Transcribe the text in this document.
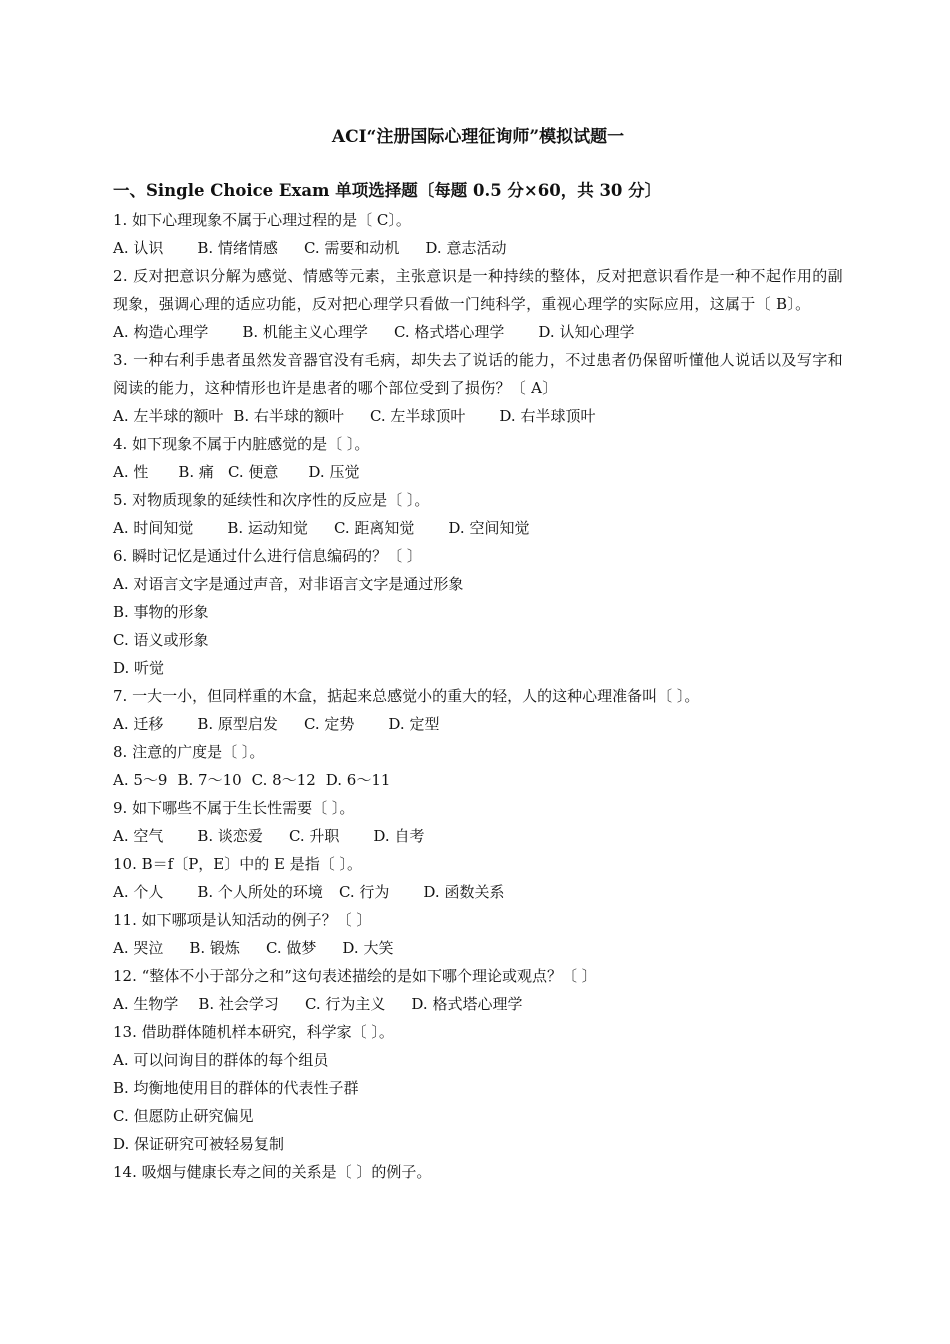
ACI“注册国际心理征询师”模拟试题一
一、Single Choice Exam 单项选择题〔每题 0.5 分×60，共 30 分〕
1. 如下心理现象不属于心理过程的是〔 C〕。
A. 认识 B. 情绪情感 C. 需要和动机 D. 意志活动
2. 反对把意识分解为感觉、情感等元素，主张意识是一种持续的整体，反对把意识看作是一种不起作用的副现象，强调心理的适应功能，反对把心理学只看做一门纯科学，重视心理学的实际应用，这属于〔 B〕。
A. 构造心理学 B. 机能主义心理学 C. 格式塔心理学 D. 认知心理学
3. 一种右利手患者虽然发音器官没有毛病，却失去了说话的能力，不过患者仍保留听懂他人说话以及写字和阅读的能力，这种情形也许是患者的哪个部位受到了损伤？〔 A〕
A. 左半球的额叶 B. 右半球的额叶 C. 左半球顶叶 D. 右半球顶叶
4. 如下现象不属于内脏感觉的是〔 〕。
A. 性 B. 痛 C. 便意 D. 压觉
5. 对物质现象的延续性和次序性的反应是〔 〕。
A. 时间知觉 B. 运动知觉 C. 距离知觉 D. 空间知觉
6. 瞬时记忆是通过什么进行信息编码的？〔 〕
A. 对语言文字是通过声音，对非语言文字是通过形象
B. 事物的形象
C. 语义或形象
D. 听觉
7. 一大一小，但同样重的木盒，掂起来总感觉小的重大的轻，人的这种心理准备叫〔 〕。
A. 迁移 B. 原型启发 C. 定势 D. 定型
8. 注意的广度是〔 〕。
A. 5～9 B. 7～10 C. 8～12 D. 6～11
9. 如下哪些不属于生长性需要〔 〕。
A. 空气 B. 谈恋爱 C. 升职 D. 自考
10. B＝f〔P，E〕中的 E 是指〔 〕。
A. 个人 B. 个人所处的环境 C. 行为 D. 函数关系
11. 如下哪项是认知活动的例子？〔 〕
A. 哭泣 B. 锻炼 C. 做梦 D. 大笑
12. “整体不小于部分之和”这句表述描绘的是如下哪个理论或观点？〔 〕
A. 生物学 B. 社会学习 C. 行为主义 D. 格式塔心理学
13. 借助群体随机样本研究，科学家〔 〕。
A. 可以问询目的群体的每个组员
B. 均衡地使用目的群体的代表性子群
C. 但愿防止研究偏见
D. 保证研究可被轻易复制
14. 吸烟与健康长寿之间的关系是〔 〕的例子。
